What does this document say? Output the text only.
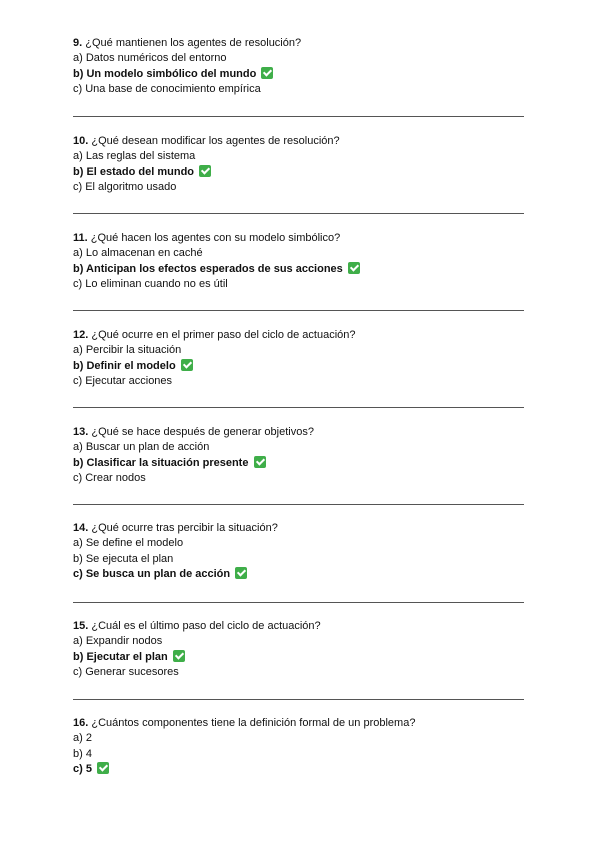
9. ¿Qué mantienen los agentes de resolución?
a) Datos numéricos del entorno
b) Un modelo simbólico del mundo
c) Una base de conocimiento empírica
10. ¿Qué desean modificar los agentes de resolución?
a) Las reglas del sistema
b) El estado del mundo
c) El algoritmo usado
11. ¿Qué hacen los agentes con su modelo simbólico?
a) Lo almacenan en caché
b) Anticipan los efectos esperados de sus acciones
c) Lo eliminan cuando no es útil
12. ¿Qué ocurre en el primer paso del ciclo de actuación?
a) Percibir la situación
b) Definir el modelo
c) Ejecutar acciones
13. ¿Qué se hace después de generar objetivos?
a) Buscar un plan de acción
b) Clasificar la situación presente
c) Crear nodos
14. ¿Qué ocurre tras percibir la situación?
a) Se define el modelo
b) Se ejecuta el plan
c) Se busca un plan de acción
15. ¿Cuál es el último paso del ciclo de actuación?
a) Expandir nodos
b) Ejecutar el plan
c) Generar sucesores
16. ¿Cuántos componentes tiene la definición formal de un problema?
a) 2
b) 4
c) 5
